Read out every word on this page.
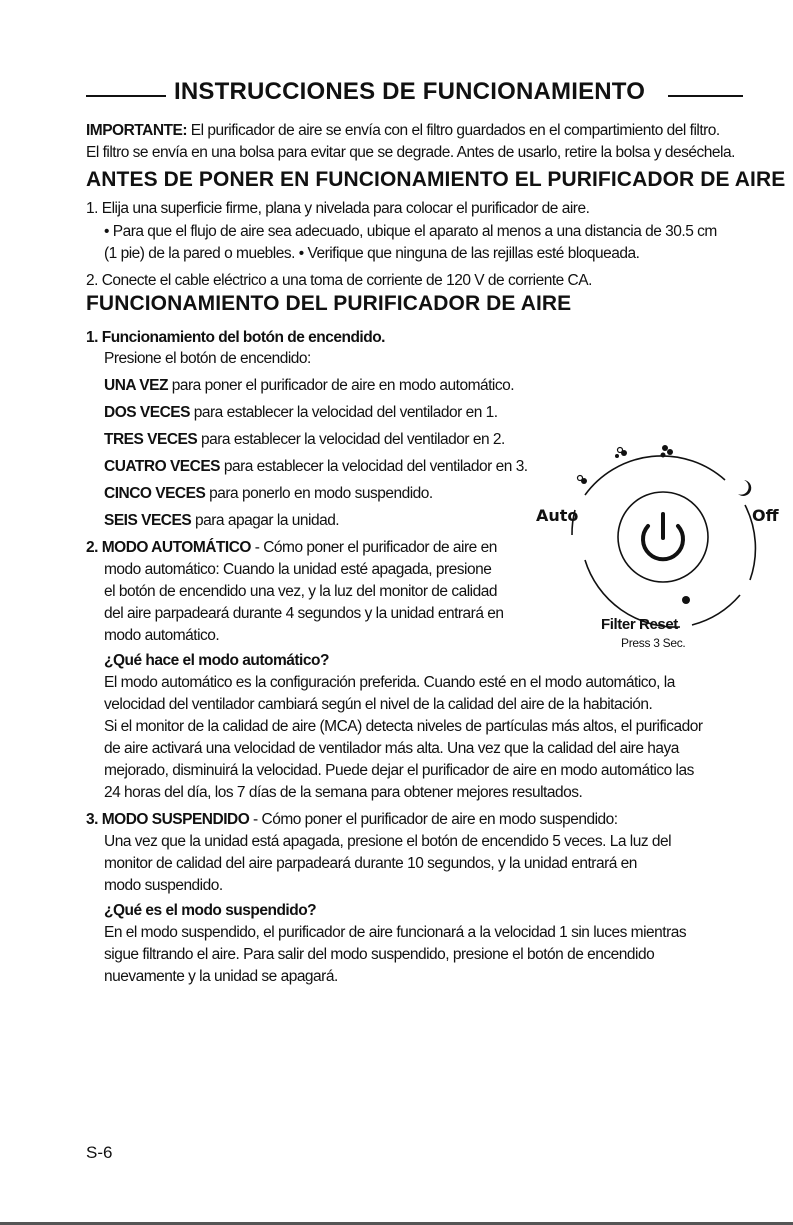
INSTRUCCIONES DE FUNCIONAMIENTO
IMPORTANTE: El purificador de aire se envía con el filtro guardados en el compartimiento del filtro.
El filtro se envía en una bolsa para evitar que se degrade. Antes de usarlo, retire la bolsa y deséchela.
ANTES DE PONER EN FUNCIONAMIENTO EL PURIFICADOR DE AIRE
1. Elija una superficie firme, plana y nivelada para colocar el purificador de aire.
• Para que el flujo de aire sea adecuado, ubique el aparato al menos a una distancia de 30.5 cm
(1 pie) de la pared o muebles. • Verifique que ninguna de las rejillas esté bloqueada.
2. Conecte el cable eléctrico a una toma de corriente de 120 V de corriente CA.
FUNCIONAMIENTO DEL PURIFICADOR DE AIRE
1. Funcionamiento del botón de encendido.
Presione el botón de encendido:
UNA VEZ para poner el purificador de aire en modo automático.
DOS VECES para establecer la velocidad del ventilador en 1.
TRES VECES para establecer la velocidad del ventilador en 2.
CUATRO VECES para establecer la velocidad del ventilador en 3.
CINCO VECES para ponerlo en modo suspendido.
SEIS VECES para apagar la unidad.
2. MODO AUTOMÁTICO - Cómo poner el purificador de aire en
modo automático: Cuando la unidad esté apagada, presione
el botón de encendido una vez, y la luz del monitor de calidad
del aire parpadeará durante 4 segundos y la unidad entrará en
modo automático.
¿Qué hace el modo automático?
El modo automático es la configuración preferida. Cuando esté en el modo automático, la
velocidad del ventilador cambiará según el nivel de la calidad del aire de la habitación.
Si el monitor de la calidad de aire (MCA) detecta niveles de partículas más altos, el purificador
de aire activará una velocidad de ventilador más alta. Una vez que la calidad del aire haya
mejorado, disminuirá la velocidad. Puede dejar el purificador de aire en modo automático las
24 horas del día, los 7 días de la semana para obtener mejores resultados.
3. MODO SUSPENDIDO - Cómo poner el purificador de aire en modo suspendido:
Una vez que la unidad está apagada, presione el botón de encendido 5 veces. La luz del
monitor de calidad del aire parpadeará durante 10 segundos, y la unidad entrará en
modo suspendido.
¿Qué es el modo suspendido?
En el modo suspendido, el purificador de aire funcionará a la velocidad 1 sin luces mientras
sigue filtrando el aire. Para salir del modo suspendido, presione el botón de encendido
nuevamente y la unidad se apagará.
Auto	Off
Filter Reset
Press 3 Sec.
S-6
